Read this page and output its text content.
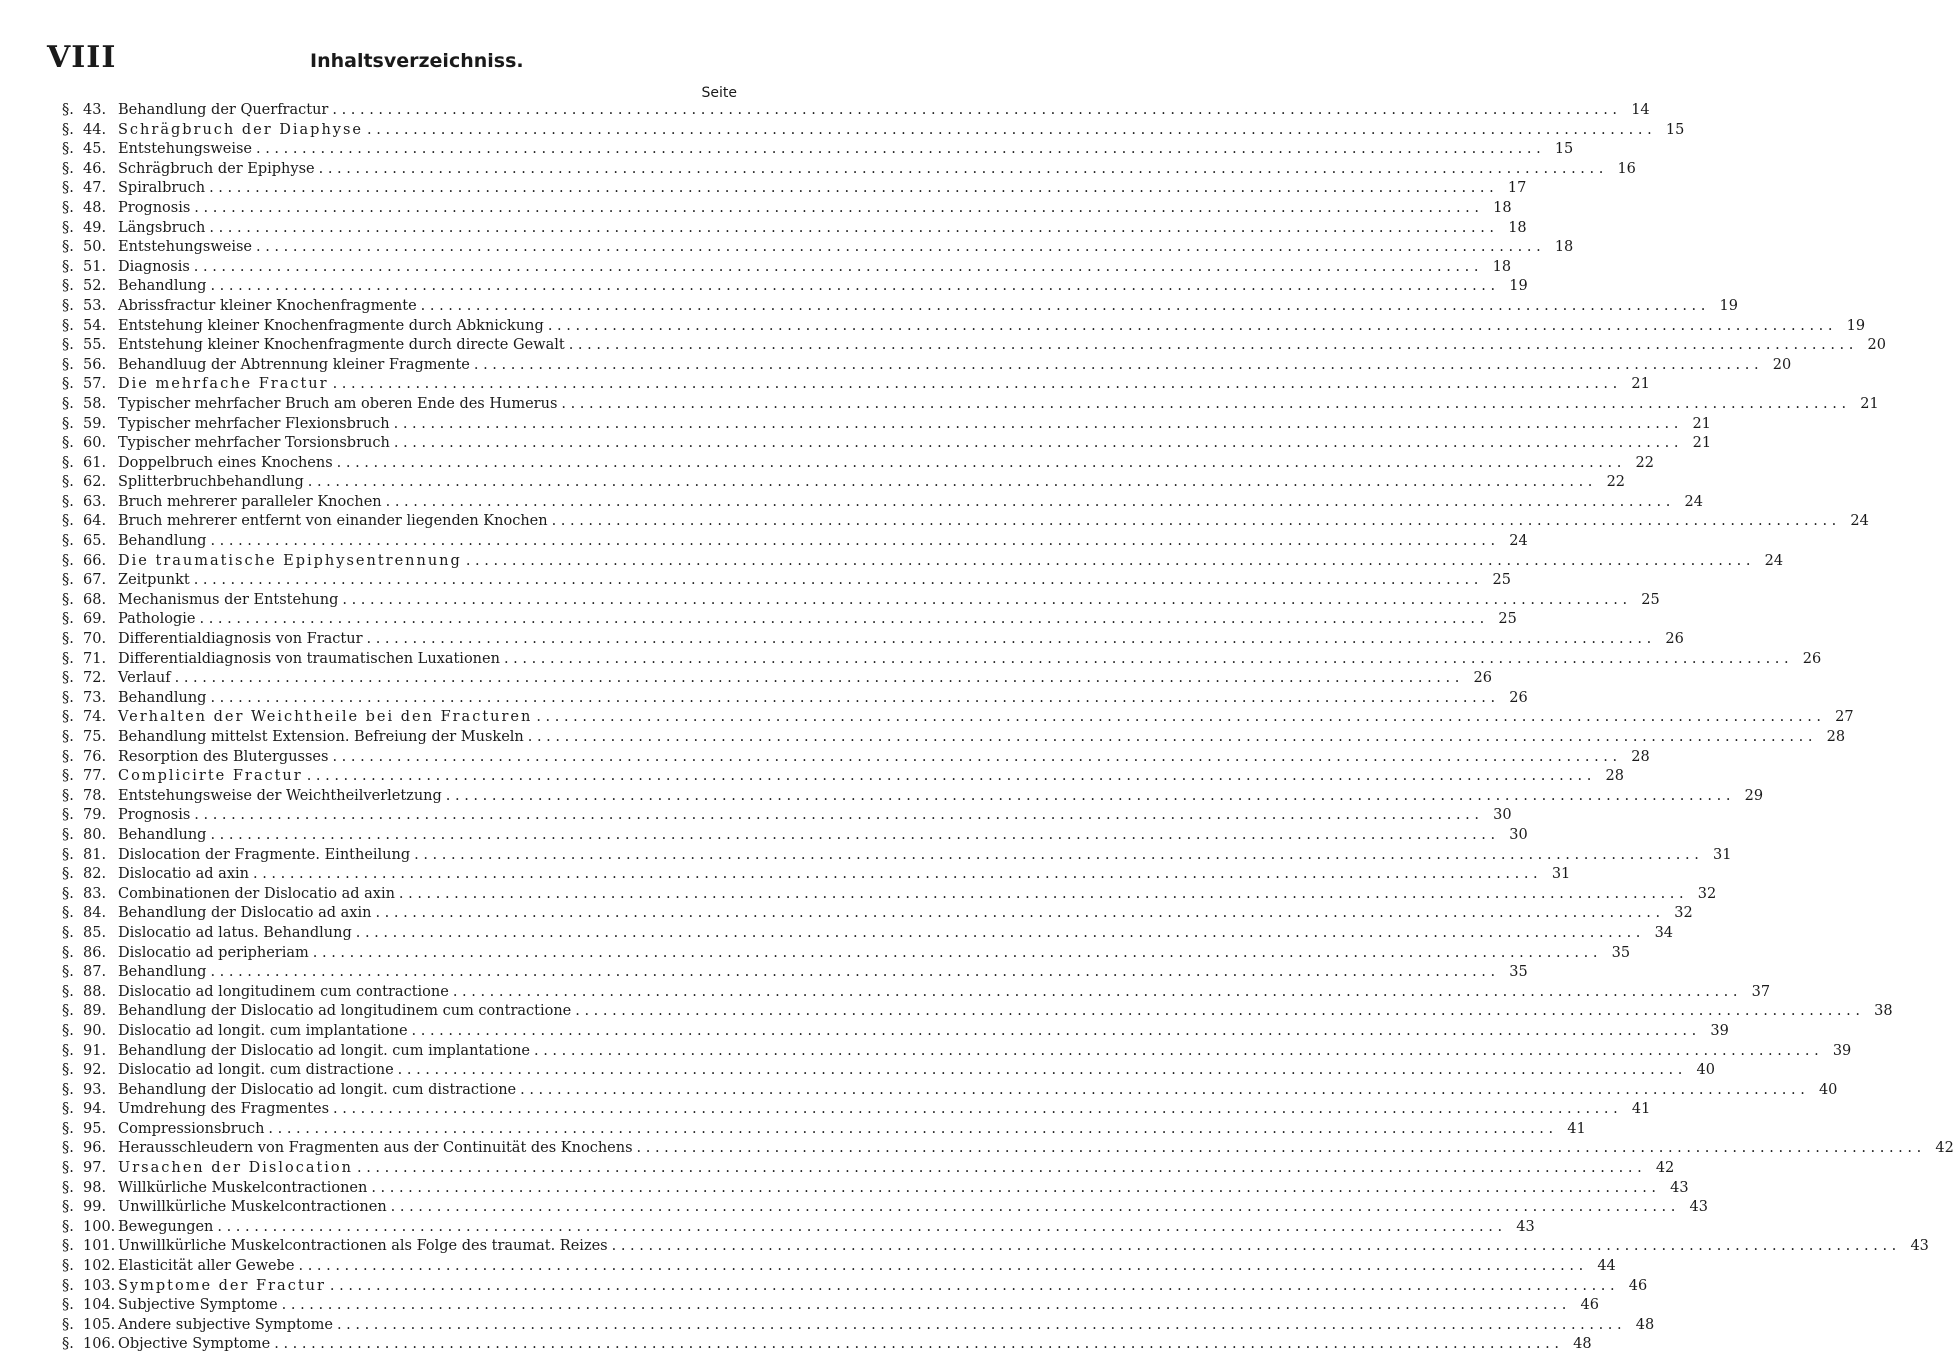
VIII	Inhaltsverzeichniss.
Seite
§. 43. Behandlung der Querfractur ............................................................................................................................................ 14
§. 44. Schrägbruch der Diaphyse ............................................................................................................................................ 15
§. 45. Entstehungsweise ............................................................................................................................................ 15
§. 46. Schrägbruch der Epiphyse ............................................................................................................................................ 16
§. 47. Spiralbruch ............................................................................................................................................ 17
§. 48. Prognosis ............................................................................................................................................ 18
§. 49. Längsbruch ............................................................................................................................................ 18
§. 50. Entstehungsweise ............................................................................................................................................ 18
§. 51. Diagnosis ............................................................................................................................................ 18
§. 52. Behandlung ............................................................................................................................................ 19
§. 53. Abrissfractur kleiner Knochenfragmente ............................................................................................................................................ 19
§. 54. Entstehung kleiner Knochenfragmente durch Abknickung ............................................................................................................................................ 19
§. 55. Entstehung kleiner Knochenfragmente durch directe Gewalt ............................................................................................................................................ 20
§. 56. Behandluug der Abtrennung kleiner Fragmente ............................................................................................................................................ 20
§. 57. Die mehrfache Fractur ............................................................................................................................................ 21
§. 58. Typischer mehrfacher Bruch am oberen Ende des Humerus ............................................................................................................................................ 21
§. 59. Typischer mehrfacher Flexionsbruch ............................................................................................................................................ 21
§. 60. Typischer mehrfacher Torsionsbruch ............................................................................................................................................ 21
§. 61. Doppelbruch eines Knochens ............................................................................................................................................ 22
§. 62. Splitterbruchbehandlung ............................................................................................................................................ 22
§. 63. Bruch mehrerer paralleler Knochen ............................................................................................................................................ 24
§. 64. Bruch mehrerer entfernt von einander liegenden Knochen ............................................................................................................................................ 24
§. 65. Behandlung ............................................................................................................................................ 24
§. 66. Die traumatische Epiphysentrennung ............................................................................................................................................ 24
§. 67. Zeitpunkt ............................................................................................................................................ 25
§. 68. Mechanismus der Entstehung ............................................................................................................................................ 25
§. 69. Pathologie ............................................................................................................................................ 25
§. 70. Differentialdiagnosis von Fractur ............................................................................................................................................ 26
§. 71. Differentialdiagnosis von traumatischen Luxationen ............................................................................................................................................ 26
§. 72. Verlauf ............................................................................................................................................ 26
§. 73. Behandlung ............................................................................................................................................ 26
§. 74. Verhalten der Weichtheile bei den Fracturen ............................................................................................................................................ 27
§. 75. Behandlung mittelst Extension. Befreiung der Muskeln ............................................................................................................................................ 28
§. 76. Resorption des Blutergusses ............................................................................................................................................ 28
§. 77. Complicirte Fractur ............................................................................................................................................ 28
§. 78. Entstehungsweise der Weichtheilverletzung ............................................................................................................................................ 29
§. 79. Prognosis ............................................................................................................................................ 30
§. 80. Behandlung ............................................................................................................................................ 30
§. 81. Dislocation der Fragmente. Eintheilung ............................................................................................................................................ 31
§. 82. Dislocatio ad axin ............................................................................................................................................ 31
§. 83. Combinationen der Dislocatio ad axin ............................................................................................................................................ 32
§. 84. Behandlung der Dislocatio ad axin ............................................................................................................................................ 32
§. 85. Dislocatio ad latus. Behandlung ............................................................................................................................................ 34
§. 86. Dislocatio ad peripheriam ............................................................................................................................................ 35
§. 87. Behandlung ............................................................................................................................................ 35
§. 88. Dislocatio ad longitudinem cum contractione ............................................................................................................................................ 37
§. 89. Behandlung der Dislocatio ad longitudinem cum contractione ............................................................................................................................................ 38
§. 90. Dislocatio ad longit. cum implantatione ............................................................................................................................................ 39
§. 91. Behandlung der Dislocatio ad longit. cum implantatione ............................................................................................................................................ 39
§. 92. Dislocatio ad longit. cum distractione ............................................................................................................................................ 40
§. 93. Behandlung der Dislocatio ad longit. cum distractione ............................................................................................................................................ 40
§. 94. Umdrehung des Fragmentes ............................................................................................................................................ 41
§. 95. Compressionsbruch ............................................................................................................................................ 41
§. 96. Herausschleudern von Fragmenten aus der Continuität des Knochens ............................................................................................................................................ 42
§. 97. Ursachen der Dislocation ............................................................................................................................................ 42
§. 98. Willkürliche Muskelcontractionen ............................................................................................................................................ 43
§. 99. Unwillkürliche Muskelcontractionen ............................................................................................................................................ 43
§. 100. Bewegungen ............................................................................................................................................ 43
§. 101. Unwillkürliche Muskelcontractionen als Folge des traumat. Reizes ............................................................................................................................................ 43
§. 102. Elasticität aller Gewebe ............................................................................................................................................ 44
§. 103. Symptome der Fractur ............................................................................................................................................ 46
§. 104. Subjective Symptome ............................................................................................................................................ 46
§. 105. Andere subjective Symptome ............................................................................................................................................ 48
§. 106. Objective Symptome ............................................................................................................................................ 48
